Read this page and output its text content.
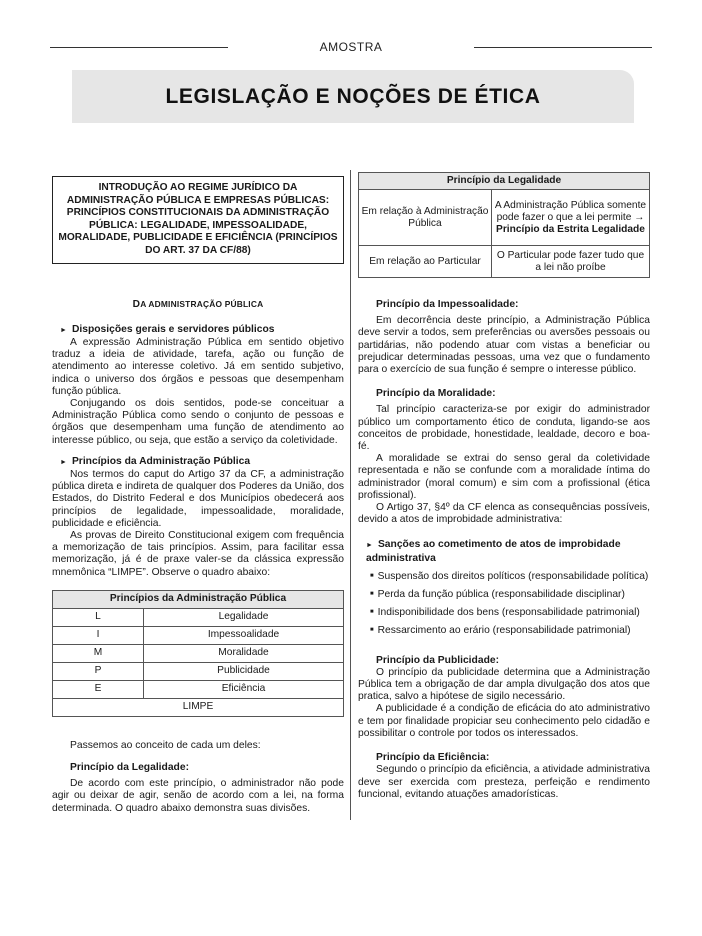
AMOSTRA
LEGISLAÇÃO E NOÇÕES DE ÉTICA
INTRODUÇÃO AO REGIME JURÍDICO DA ADMINISTRAÇÃO PÚBLICA E EMPRESAS PÚBLICAS: PRINCÍPIOS CONSTITUCIONAIS DA ADMINISTRAÇÃO PÚBLICA: LEGALIDADE, IMPESSOALIDADE, MORALIDADE, PUBLICIDADE E EFICIÊNCIA (PRINCÍPIOS DO ART. 37 DA CF/88)
DA ADMINISTRAÇÃO PÚBLICA
► Disposições gerais e servidores públicos

A expressão Administração Pública em sentido objetivo traduz a ideia de atividade, tarefa, ação ou função de atendimento ao interesse coletivo. Já em sentido subjetivo, indica o universo dos órgãos e pessoas que desempenham função pública.

Conjugando os dois sentidos, pode-se conceituar a Administração Pública como sendo o conjunto de pessoas e órgãos que desempenham uma função de atendimento ao interesse público, ou seja, que estão a serviço da coletividade.

► Princípios da Administração Pública

Nos termos do caput do Artigo 37 da CF, a administração pública direta e indireta de qualquer dos Poderes da União, dos Estados, do Distrito Federal e dos Municípios obedecerá aos princípios de legalidade, impessoalidade, moralidade, publicidade e eficiência.

As provas de Direito Constitucional exigem com frequência a memorização de tais princípios. Assim, para facilitar essa memorização, já é de praxe valer-se da clássica expressão mnemônica “LIMPE”. Observe o quadro abaixo:

Princípios da Administração Pública	
L	Legalidade
I	Impessoalidade
M	Moralidade
P	Publicidade
E	Eficiência
LIMPE	

Passemos ao conceito de cada um deles:

Princípio da Legalidade:

De acordo com este princípio, o administrador não pode agir ou deixar de agir, senão de acordo com a lei, na forma determinada. O quadro abaixo demonstra suas divisões.

Princípio da Legalidade	
Em relação à Administração Pública	A Administração Pública somente pode fazer o que a lei permite → Princípio da Estrita Legalidade
Em relação ao Particular	O Particular pode fazer tudo que a lei não proíbe

Princípio da Impessoalidade:

Em decorrência deste princípio, a Administração Pública deve servir a todos, sem preferências ou aversões pessoais ou partidárias, não podendo atuar com vistas a beneficiar ou prejudicar determinadas pessoas, uma vez que o fundamento para o exercício de sua função é sempre o interesse público.

Princípio da Moralidade:

Tal princípio caracteriza-se por exigir do administrador público um comportamento ético de conduta, ligando-se aos conceitos de probidade, honestidade, lealdade, decoro e boa-fé.

A moralidade se extrai do senso geral da coletividade representada e não se confunde com a moralidade íntima do administrador (moral comum) e sim com a profissional (ética profissional).

O Artigo 37, §4º da CF elenca as consequências possíveis, devido a atos de improbidade administrativa:

► Sanções ao cometimento de atos de improbidade administrativa

■ Suspensão dos direitos políticos (responsabilidade política)

■ Perda da função pública (responsabilidade disciplinar)

■ Indisponibilidade dos bens (responsabilidade patrimonial)

■ Ressarcimento ao erário (responsabilidade patrimonial)

Princípio da Publicidade:

O princípio da publicidade determina que a Administração Pública tem a obrigação de dar ampla divulgação dos atos que pratica, salvo a hipótese de sigilo necessário.

A publicidade é a condição de eficácia do ato administrativo e tem por finalidade propiciar seu conhecimento pelo cidadão e possibilitar o controle por todos os interessados.

Princípio da Eficiência:

Segundo o princípio da eficiência, a atividade administrativa deve ser exercida com presteza, perfeição e rendimento funcional, evitando atuações amadorísticas.
